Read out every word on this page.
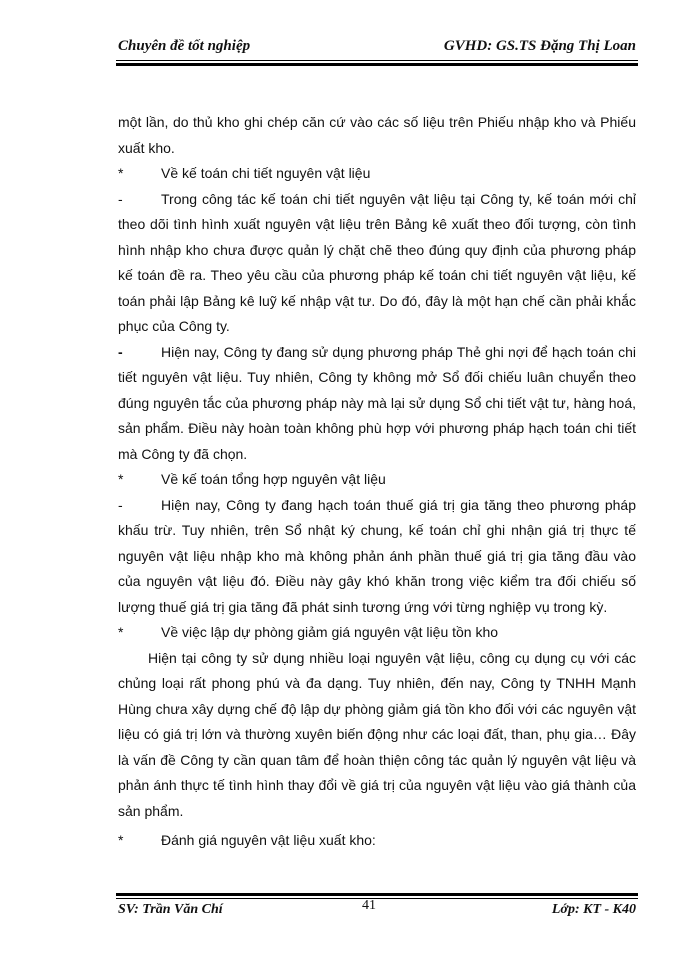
Chuyên đề tốt nghiệp	GVHD: GS.TS Đặng Thị Loan

một lần, do thủ kho ghi chép căn cứ vào các số liệu trên Phiếu nhập kho và Phiếu xuất kho.

*	Về kế toán chi tiết nguyên vật liệu

-	Trong công tác kế toán chi tiết nguyên vật liệu tại Công ty, kế toán mới chỉ theo dõi tình hình xuất nguyên vật liệu trên Bảng kê xuất theo đối tượng, còn tình hình nhập kho chưa được quản lý chặt chẽ theo đúng quy định của phương pháp kế toán đề ra. Theo yêu cầu của phương pháp kế toán chi tiết nguyên vật liệu, kế toán phải lập Bảng kê luỹ kế nhập vật tư. Do đó, đây là một hạn chế cần phải khắc phục của Công ty.

-	Hiện nay, Công ty đang sử dụng phương pháp Thẻ ghi nợi để hạch toán chi tiết nguyên vật liệu. Tuy nhiên, Công ty không mở Sổ đối chiếu luân chuyển theo đúng nguyên tắc của phương pháp này mà lại sử dụng Sổ chi tiết vật tư, hàng hoá, sản phẩm. Điều này hoàn toàn không phù hợp với phương pháp hạch toán chi tiết mà Công ty đã chọn.

*	Về kế toán tổng hợp nguyên vật liệu

-	Hiện nay, Công ty đang hạch toán thuế giá trị gia tăng theo phương pháp khấu trừ. Tuy nhiên, trên Sổ nhật ký chung, kế toán chỉ ghi nhận giá trị thực tế nguyên vật liệu nhập kho mà không phản ánh phần thuế giá trị gia tăng đầu vào của nguyên vật liệu đó. Điều này gây khó khăn trong việc kiểm tra đối chiếu số lượng thuế giá trị gia tăng đã phát sinh tương ứng với từng nghiệp vụ trong kỳ.

*	Về việc lập dự phòng giảm giá nguyên vật liệu tồn kho

Hiện tại công ty sử dụng nhiều loại nguyên vật liệu, công cụ dụng cụ với các chủng loại rất phong phú và đa dạng. Tuy nhiên, đến nay, Công ty TNHH Mạnh Hùng chưa xây dựng chế độ lập dự phòng giảm giá tồn kho đối với các nguyên vật liệu có giá trị lớn và thường xuyên biến động như các loại đất, than, phụ gia… Đây là vấn đề Công ty cần quan tâm để hoàn thiện công tác quản lý nguyên vật liệu và phản ánh thực tế tình hình thay đổi về giá trị của nguyên vật liệu vào giá thành của sản phẩm.

*	Đánh giá nguyên vật liệu xuất kho:

SV: Trần Văn Chí	41	Lớp: KT - K40
